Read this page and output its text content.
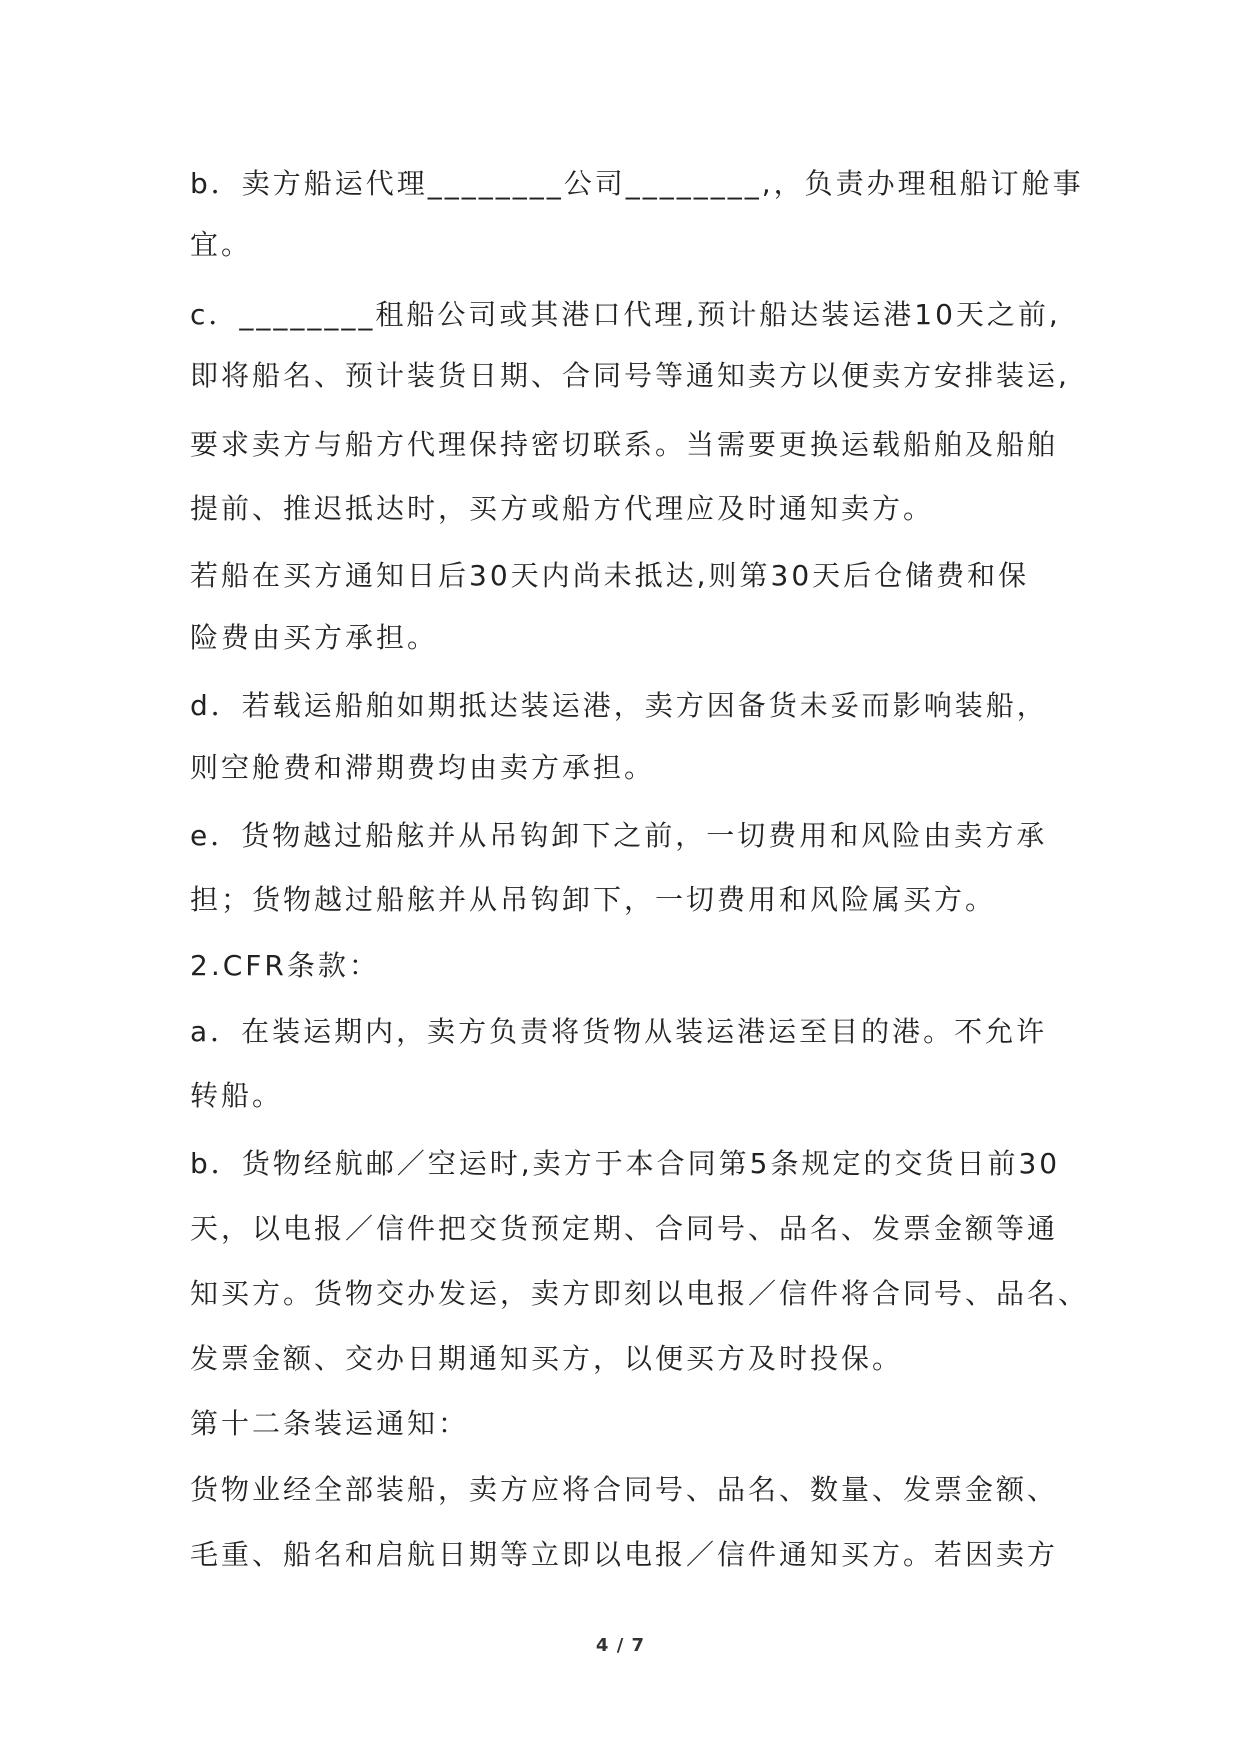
b．卖方船运代理________公司________,，负责办理租船订舱事
宜。
c．________租船公司或其港口代理,预计船达装运港10天之前,
即将船名、预计装货日期、合同号等通知卖方以便卖方安排装运,
要求卖方与船方代理保持密切联系。当需要更换运载船舶及船舶
提前、推迟抵达时，买方或船方代理应及时通知卖方。
若船在买方通知日后30天内尚未抵达,则第30天后仓储费和保
险费由买方承担。
d．若载运船舶如期抵达装运港，卖方因备货未妥而影响装船，
则空舱费和滞期费均由卖方承担。
e．货物越过船舷并从吊钩卸下之前，一切费用和风险由卖方承
担；货物越过船舷并从吊钩卸下，一切费用和风险属买方。
2.CFR条款：
a．在装运期内，卖方负责将货物从装运港运至目的港。不允许
转船。
b．货物经航邮／空运时,卖方于本合同第5条规定的交货日前30
天，以电报／信件把交货预定期、合同号、品名、发票金额等通
知买方。货物交办发运，卖方即刻以电报／信件将合同号、品名、
发票金额、交办日期通知买方，以便买方及时投保。
第十二条装运通知：
货物业经全部装船，卖方应将合同号、品名、数量、发票金额、
毛重、船名和启航日期等立即以电报／信件通知买方。若因卖方
4 / 7
